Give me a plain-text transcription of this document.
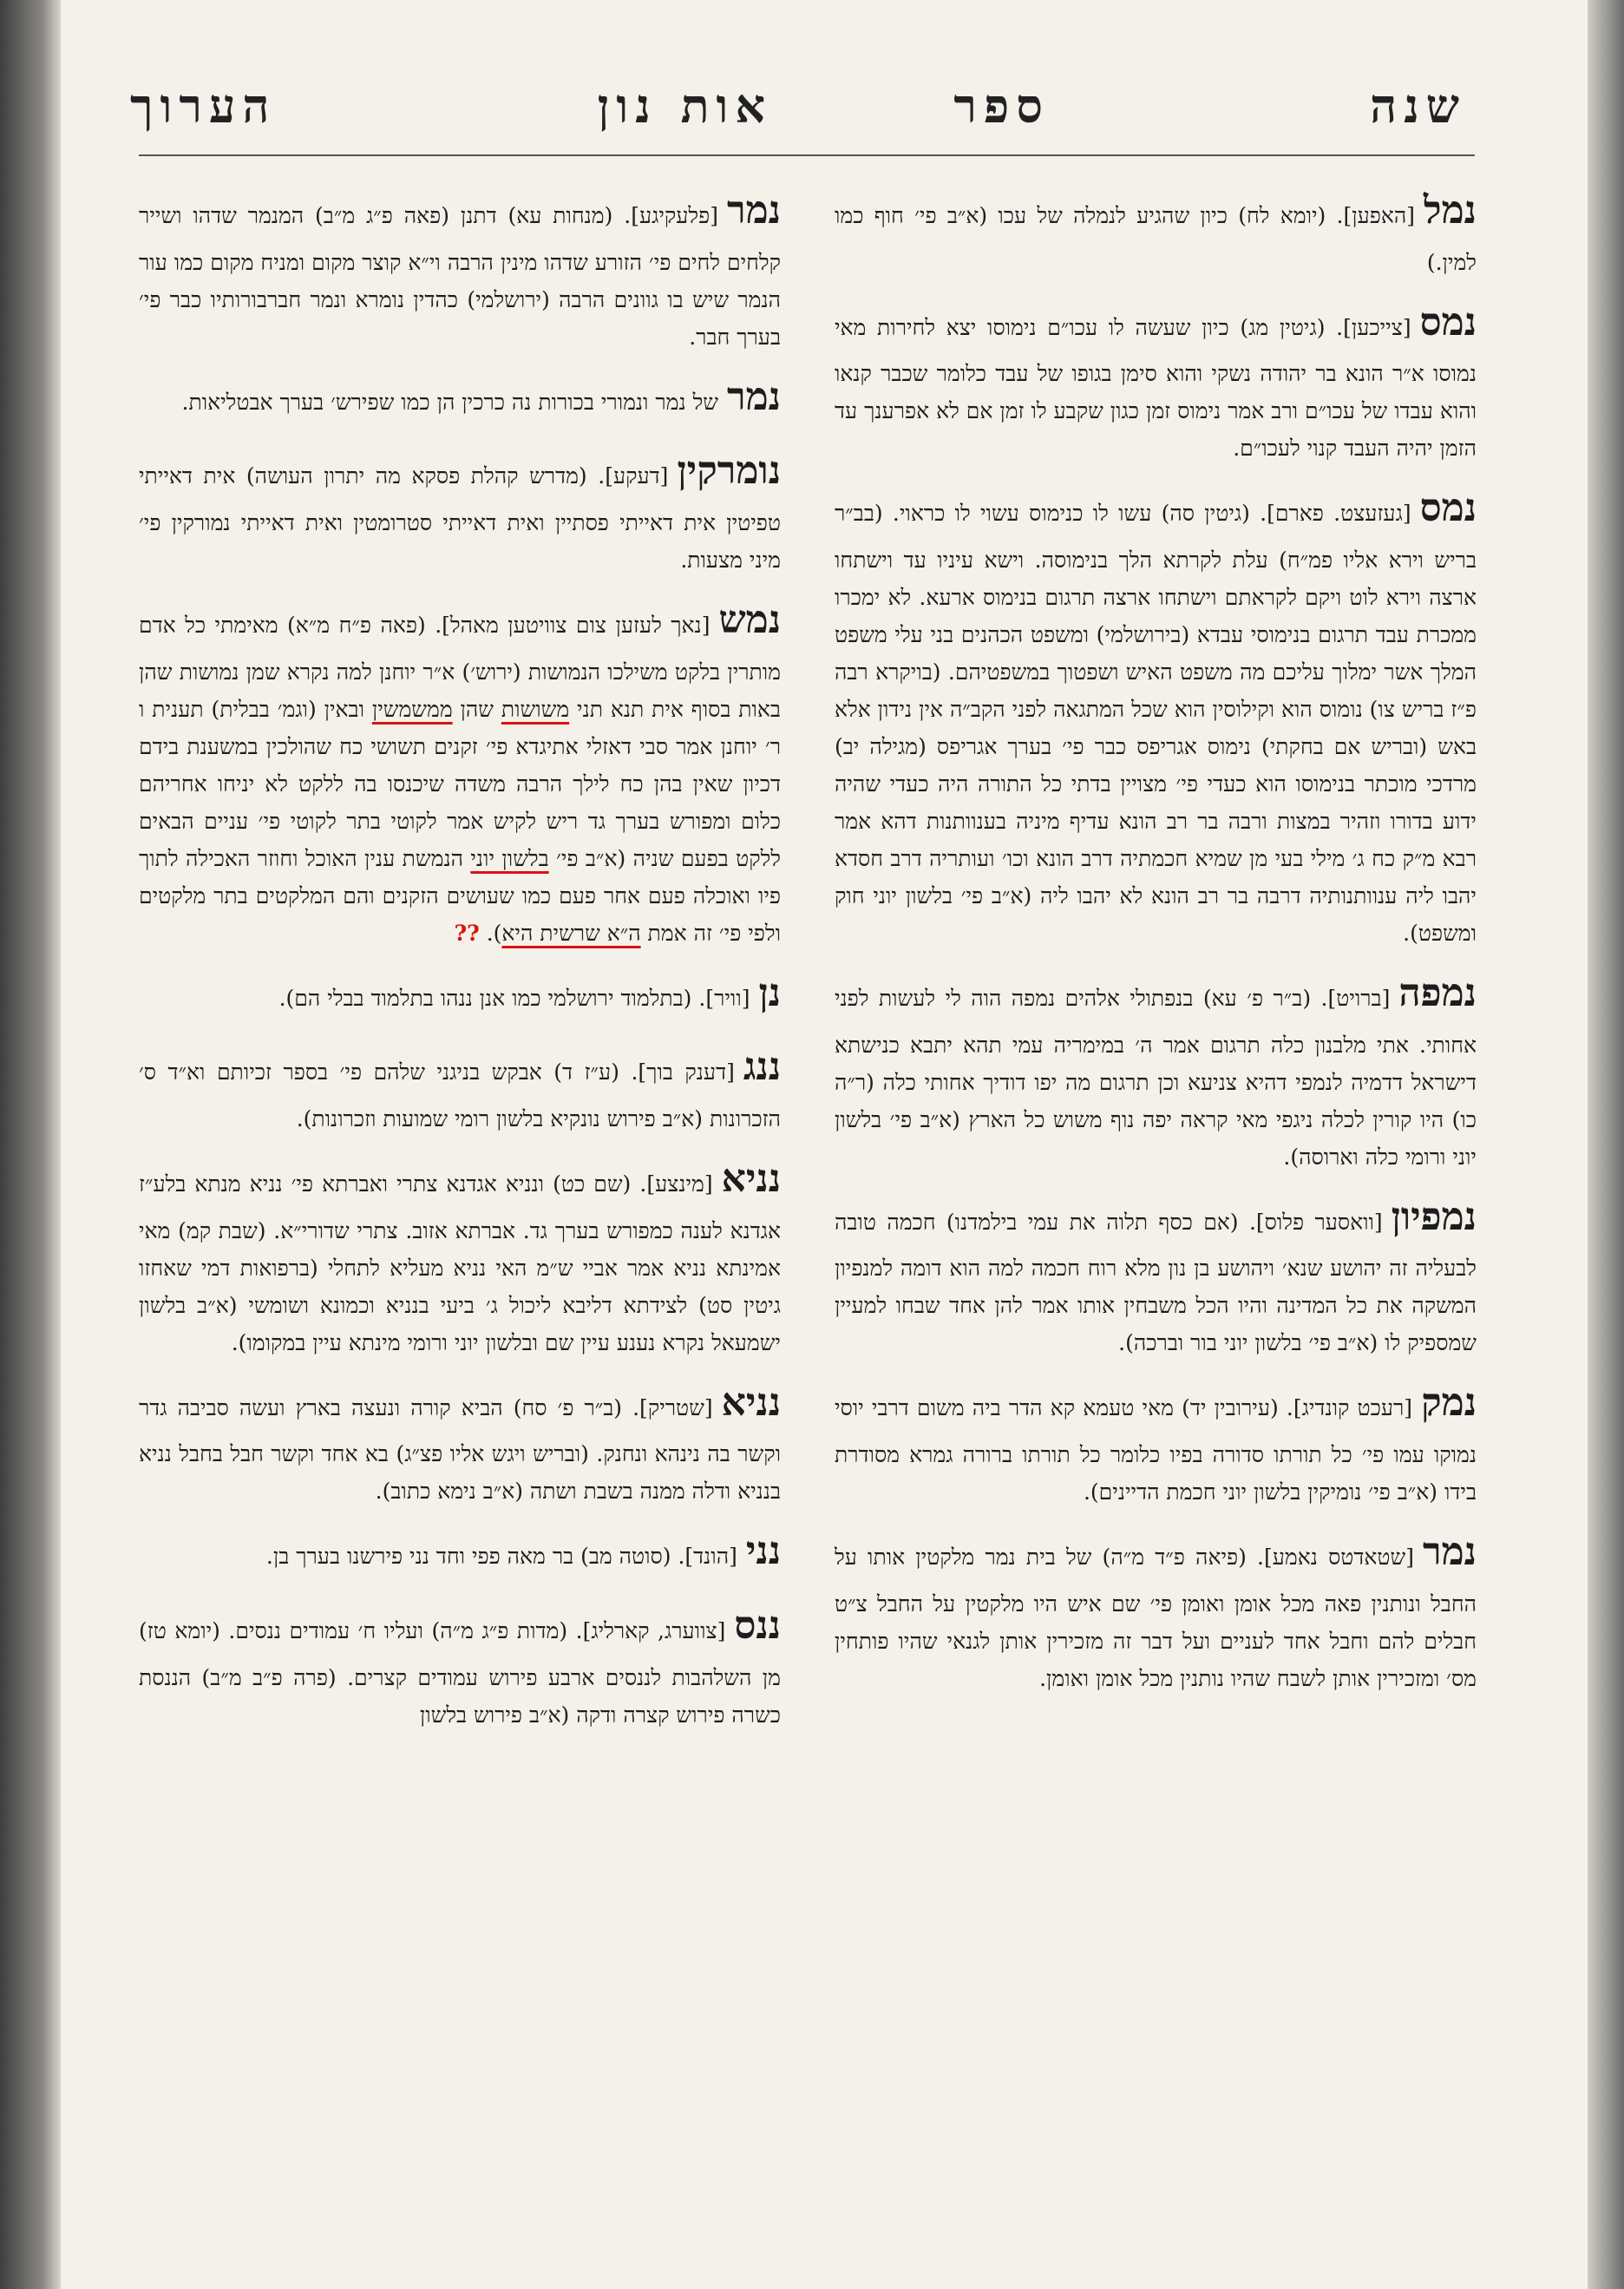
שנה
ספר
אות נון
הערוך

נמל[האפען]. (יומא לח) כיון שהגיע לנמלה של עכו (א״ב פי׳ חוף כמו למין.)

נמס[צייכען]. (גיטין מג) כיון שעשה לו עכו״ם נימוסו יצא לחירות מאי נמוסו א״ר הונא בר יהודה נשקי והוא סימן בגופו של עבד כלומר שכבר קנאו והוא עבדו של עכו״ם ורב אמר נימוס זמן כגון שקבע לו זמן אם לא אפרענך עד הזמן יהיה העבד קנוי לעכו״ם.

נמס[געזעצט. פארם]. (גיטין סה) עשו לו כנימוס עשוי לו כראוי. (בב״ר בריש וירא אליו פמ״ח) עלת לקרתא הלך בנימוסה. וישא עיניו עד וישתחו ארצה וירא לוט ויקם לקראתם וישתחו ארצה תרגום בנימוס ארעא. לא ימכרו ממכרת עבד תרגום בנימוסי עבדא (בירושלמי) ומשפט הכהנים בני עלי משפט המלך אשר ימלוך עליכם מה משפט האיש ושפטוך במשפטיהם. (בויקרא רבה פ״ז בריש צו) נומוס הוא וקילוסין הוא שכל המתגאה לפני הקב״ה אין נידון אלא באש (ובריש אם בחקתי) נימוס אגריפס כבר פי׳ בערך אגריפס (מגילה יב) מרדכי מוכתר בנימוסו הוא כעדי פי׳ מצויין בדתי כל התורה היה כעדי שהיה ידוע בדורו וזהיר במצות ורבה בר רב הונא עדיף מיניה בענוותנות דהא אמר רבא מ״ק כח ג׳ מילי בעי מן שמיא חכמתיה דרב הונא וכו׳ ועותריה דרב חסדא יהבו ליה ענוותנותיה דרבה בר רב הונא לא יהבו ליה (א״ב פי׳ בלשון יוני חוק ומשפט).

נמפה[ברויט]. (ב״ר פ׳ עא) בנפתולי אלהים נמפה הוה לי לעשות לפני אחותי. אתי מלבנון כלה תרגום אמר ה׳ במימריה עמי תהא יתבא כנישתא דישראל דדמיה לנמפי דהיא צניעא וכן תרגום מה יפו דודיך אחותי כלה (ר״ה כו) היו קורין לכלה ניגפי מאי קראה יפה נוף משוש כל הארץ (א״ב פי׳ בלשון יוני ורומי כלה וארוסה).

נמפיון[וואסער פלוס]. (אם כסף תלוה את עמי בילמדנו) חכמה טובה לבעליה זה יהושע שנא׳ ויהושע בן נון מלא רוח חכמה למה הוא דומה למנפיון המשקה את כל המדינה והיו הכל משבחין אותו אמר להן אחד שבחו למעיין שמספיק לו (א״ב פי׳ בלשון יוני בור וברכה).

נמק[רעכט קונדיג]. (עירובין יד) מאי טעמא קא הדר ביה משום דרבי יוסי נמוקו עמו פי׳ כל תורתו סדורה בפיו כלומר כל תורתו ברורה גמרא מסודרת בידו (א״ב פי׳ נומיקין בלשון יוני חכמת הדיינים).

נמר[שטאדטס נאמע]. (פיאה פ״ד מ״ה) של בית נמר מלקטין אותו על החבל ונותנין פאה מכל אומן ואומן פי׳ שם איש היו מלקטין על החבל צ״ט חבלים להם וחבל אחד לעניים ועל דבר זה מזכירין אותן לגנאי שהיו פותחין מס׳ ומזכירין אותן לשבח שהיו נותנין מכל אומן ואומן.

נמר[פלעקיגע]. (מנחות עא) דתנן (פאה פ״ג מ״ב) המנמר שדהו ושייר קלחים לחים פי׳ הזורע שדהו מינין הרבה וי״א קוצר מקום ומניח מקום כמו עור הנמר שיש בו גוונים הרבה (ירושלמי) כהדין נומרא ונמר חברבורותיו כבר פי׳ בערך חבר.

נמרשל נמר ונמורי בכורות נה כרכין הן כמו שפירש׳ בערך אבטליאות.

נומרקין[דעקע]. (מדרש קהלת פסקא מה יתרון העושה) אית דאייתי טפיטין אית דאייתי פסתיין ואית דאייתי סטרומטין ואית דאייתי נמורקין פי׳ מיני מצעות.

נמש[נאך לעזען צום צוויטען מאהל]. (פאה פ״ח מ״א) מאימתי כל אדם מותרין בלקט משילכו הנמושות (ירוש׳) א״ר יוחנן למה נקרא שמן נמושות שהן באות בסוף אית תנא תני משושות שהן ממשמשין ובאין (וגמ׳ בבלית) תענית ו ר׳ יוחנן אמר סבי דאזלי אתיגדא פי׳ זקנים תשושי כח שהולכין במשענת בידם דכיון שאין בהן כח לילך הרבה משדה שיכנסו בה ללקט לא יניחו אחריהם כלום ומפורש בערך גד ריש לקיש אמר לקוטי בתר לקוטי פי׳ עניים הבאים ללקט בפעם שניה (א״ב פי׳ בלשון יוני הנמשת ענין האוכל וחוזר האכילה לתוך פיו ואוכלה פעם אחר פעם כמו שעושים הזקנים והם המלקטים בתר מלקטים ולפי פי׳ זה אמת ה״א שרשית היא). ??

נן[וויר]. (בתלמוד ירושלמי כמו אנן ננהו בתלמוד בבלי הם).

ננג[דענק בוך]. (ע״ז ד) אבקש בניגני שלהם פי׳ בספר זכיותם וא״ד ס׳ הזכרונות (א״ב פירוש נונקיא בלשון רומי שמועות וזכרונות).

נניא[מינצע]. (שם כט) ונניא אגדנא צתרי ואברתא פי׳ נניא מנתא בלע״ז אגדנא לענה כמפורש בערך גד. אברתא אזוב. צתרי שדורי״א. (שבת קמ) מאי אמינתא נניא אמר אביי ש״מ האי נניא מעליא לתחלי (ברפואות דמי שאחזו גיטין סט) לצידתא דליבא ליכול ג׳ ביעי בנניא וכמונא ושומשי (א״ב בלשון ישמעאל נקרא נענע עיין שם ובלשון יוני ורומי מינתא עיין במקומו).

נניא[שטריק]. (ב״ר פ׳ סח) הביא קורה ונעצה בארץ ועשה סביבה גדר וקשר בה נינהא ונחנק. (ובריש ויגש אליו פצ״ג) בא אחד וקשר חבל בחבל נניא בנניא ודלה ממנה בשבת ושתה (א״ב נימא כתוב).

נני[הונד]. (סוטה מב) בר מאה פפי וחד נני פירשנו בערך בן.

ננס[צווערג, קארליג]. (מדות פ״ג מ״ה) ועליו ח׳ עמודים ננסים. (יומא טז) מן השלהבות לננסים ארבע פירוש עמודים קצרים. (פרה פ״ב מ״ב) הננסת כשרה פירוש קצרה ודקה (א״ב פירוש בלשון
